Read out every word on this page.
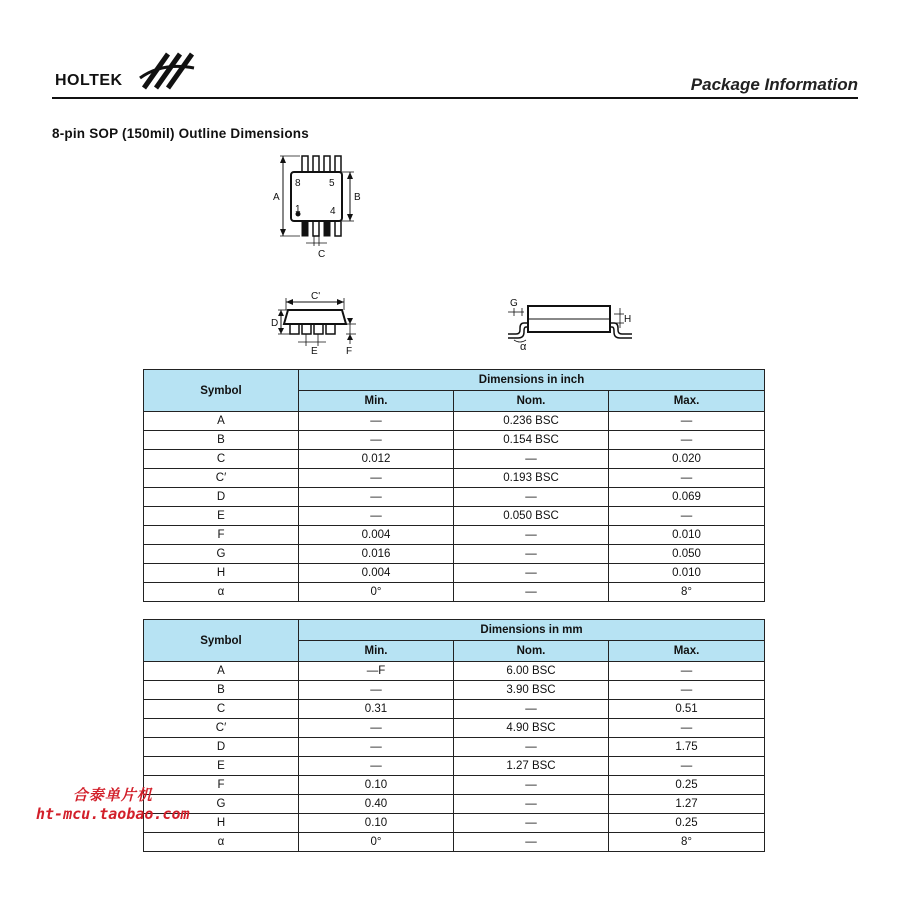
HOLTEK	Package Information
8-pin SOP (150mil) Outline Dimensions
8	5
1	4
A	B
C
C'
D
E	F
G
α
H
Symbol	Dimensions in inch		
	Min.	Nom.	Max.
A	—	0.236 BSC	—
B	—	0.154 BSC	—
C	0.012	—	0.020
C′	—	0.193 BSC	—
D	—	—	0.069
E	—	0.050 BSC	—
F	0.004	—	0.010
G	0.016	—	0.050
H	0.004	—	0.010
α	0°	—	8°
Symbol	Dimensions in mm		
	Min.	Nom.	Max.
A	—F	6.00 BSC	—
B	—	3.90 BSC	—
C	0.31	—	0.51
C′	—	4.90 BSC	—
D	—	—	1.75
E	—	1.27 BSC	—
F	0.10	—	0.25
G	0.40	—	1.27
H	0.10	—	0.25
α	0°	—	8°
合泰单片机
ht-mcu.taobao.com
